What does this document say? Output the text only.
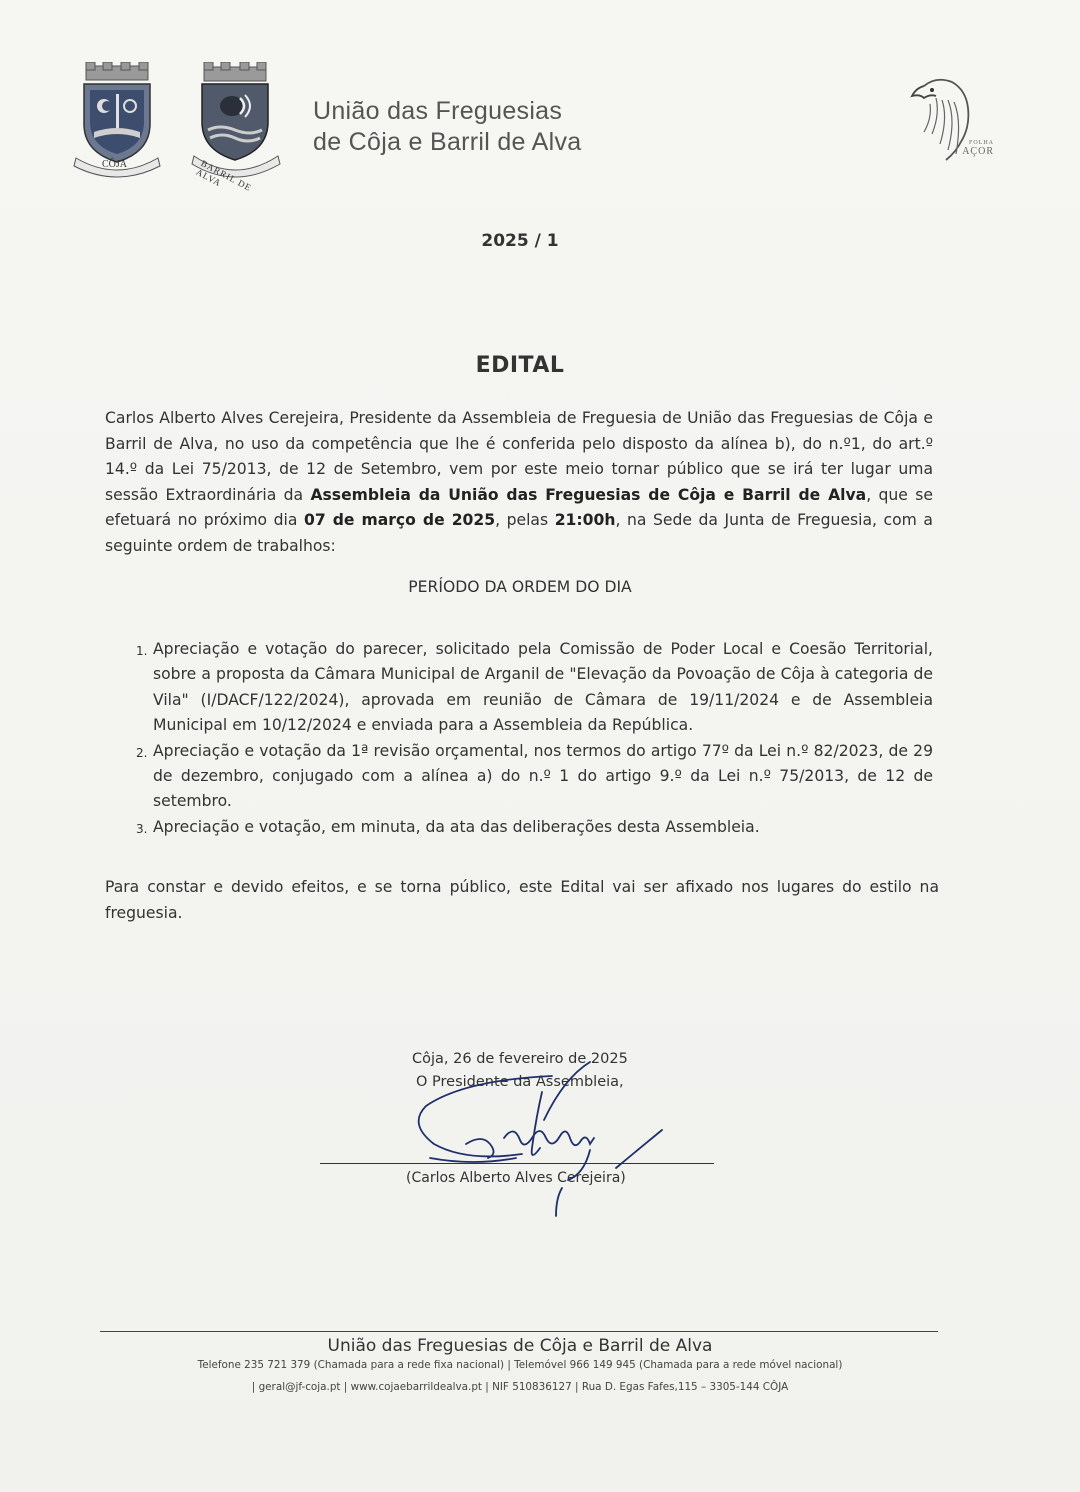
CÔJA	BARRIL DE ALVA
União das Freguesias
de Côja e Barril de Alva	FOLHA
AÇOR
2025 / 1
EDITAL
Carlos Alberto Alves Cerejeira, Presidente da Assembleia de Freguesia de União das Freguesias de Côja e Barril de Alva, no uso da competência que lhe é conferida pelo disposto da alínea b), do n.º1, do art.º 14.º da Lei 75/2013, de 12 de Setembro, vem por este meio tornar público que se irá ter lugar uma sessão Extraordinária da Assembleia da União das Freguesias de Côja e Barril de Alva, que se efetuará no próximo dia 07 de março de 2025, pelas 21:00h, na Sede da Junta de Freguesia, com a seguinte ordem de trabalhos:
PERÍODO DA ORDEM DO DIA
1. Apreciação e votação do parecer, solicitado pela Comissão de Poder Local e Coesão Territorial, sobre a proposta da Câmara Municipal de Arganil de "Elevação da Povoação de Côja à categoria de Vila" (I/DACF/122/2024), aprovada em reunião de Câmara de 19/11/2024 e de Assembleia Municipal em 10/12/2024 e enviada para a Assembleia da República.
2. Apreciação e votação da 1ª revisão orçamental, nos termos do artigo 77º da Lei n.º 82/2023, de 29 de dezembro, conjugado com a alínea a) do n.º 1 do artigo 9.º da Lei n.º 75/2013, de 12 de setembro.
3. Apreciação e votação, em minuta, da ata das deliberações desta Assembleia.
Para constar e devido efeitos, e se torna público, este Edital vai ser afixado nos lugares do estilo na freguesia.
Côja, 26 de fevereiro de 2025
O Presidente da Assembleia,
(Carlos Alberto Alves Cerejeira)
União das Freguesias de Côja e Barril de Alva
Telefone 235 721 379 (Chamada para a rede fixa nacional) | Telemóvel 966 149 945 (Chamada para a rede móvel nacional)
| geral@jf-coja.pt | www.cojaebarrildealva.pt | NIF 510836127 | Rua D. Egas Fafes,115 – 3305-144 CÔJA
